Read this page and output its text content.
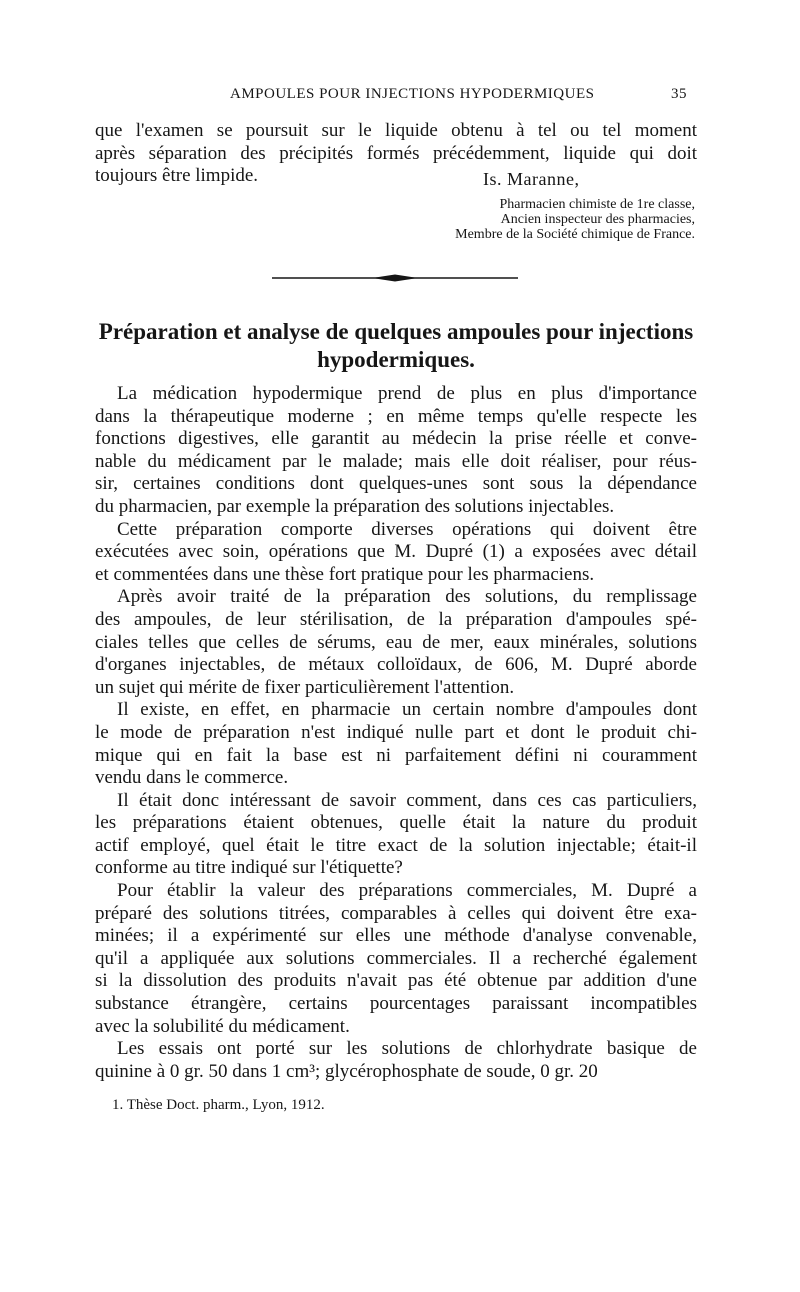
AMPOULES POUR INJECTIONS HYPODERMIQUES	35
que l'examen se poursuit sur le liquide obtenu à tel ou tel moment
après séparation des précipités formés précédemment, liquide qui doit
toujours être limpide.	Is. Maranne,
Pharmacien chimiste de 1re classe,
Ancien inspecteur des pharmacies,
Membre de la Société chimique de France.
Préparation et analyse de quelques ampoules pour injections
hypodermiques.
La médication hypodermique prend de plus en plus d'importance
dans la thérapeutique moderne ; en même temps qu'elle respecte les
fonctions digestives, elle garantit au médecin la prise réelle et conve-
nable du médicament par le malade; mais elle doit réaliser, pour réus-
sir, certaines conditions dont quelques-unes sont sous la dépendance
du pharmacien, par exemple la préparation des solutions injectables.
Cette préparation comporte diverses opérations qui doivent être
exécutées avec soin, opérations que M. Dupré (1) a exposées avec détail
et commentées dans une thèse fort pratique pour les pharmaciens.
Après avoir traité de la préparation des solutions, du remplissage
des ampoules, de leur stérilisation, de la préparation d'ampoules spé-
ciales telles que celles de sérums, eau de mer, eaux minérales, solutions
d'organes injectables, de métaux colloïdaux, de 606, M. Dupré aborde
un sujet qui mérite de fixer particulièrement l'attention.
Il existe, en effet, en pharmacie un certain nombre d'ampoules dont
le mode de préparation n'est indiqué nulle part et dont le produit chi-
mique qui en fait la base est ni parfaitement défini ni couramment
vendu dans le commerce.
Il était donc intéressant de savoir comment, dans ces cas particuliers,
les préparations étaient obtenues, quelle était la nature du produit
actif employé, quel était le titre exact de la solution injectable; était-il
conforme au titre indiqué sur l'étiquette?
Pour établir la valeur des préparations commerciales, M. Dupré a
préparé des solutions titrées, comparables à celles qui doivent être exa-
minées; il a expérimenté sur elles une méthode d'analyse convenable,
qu'il a appliquée aux solutions commerciales. Il a recherché également
si la dissolution des produits n'avait pas été obtenue par addition d'une
substance étrangère, certains pourcentages paraissant incompatibles
avec la solubilité du médicament.
Les essais ont porté sur les solutions de chlorhydrate basique de
quinine à 0 gr. 50 dans 1 cm³; glycérophosphate de soude, 0 gr. 20
1. Thèse Doct. pharm., Lyon, 1912.
